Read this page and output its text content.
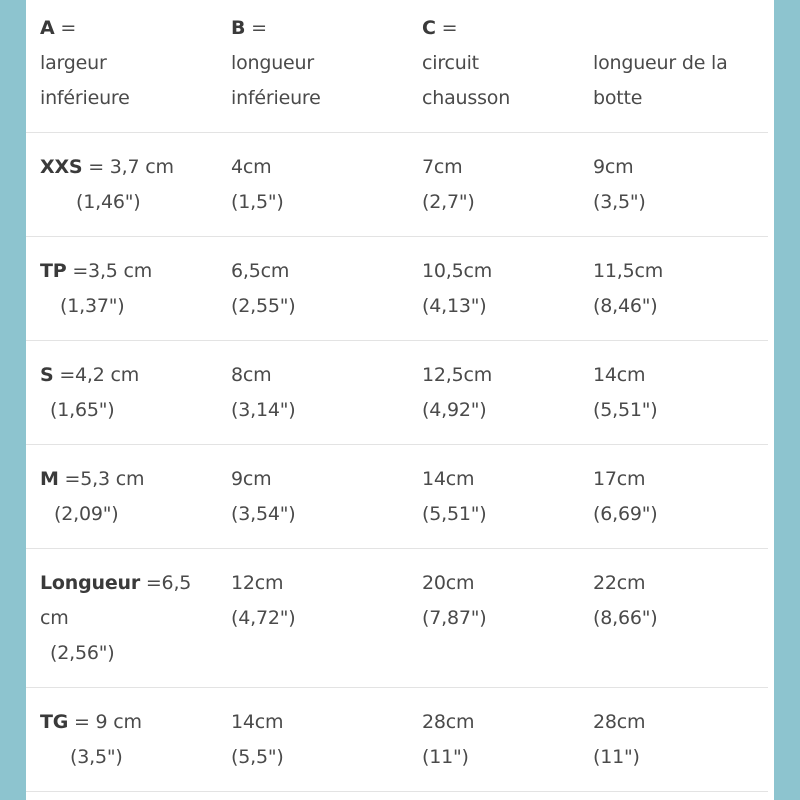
A =
largeur
inférieure
B =
longueur
inférieure
C =
circuit
chausson

longueur de la
botte
XXS = 3,7 cm
(1,46")
4cm
(1,5")
7cm
(2,7")
9cm
(3,5")
TP =3,5 cm
(1,37")
6,5cm
(2,55")
10,5cm
(4,13")
11,5cm
(8,46")
S =4,2 cm
(1,65")
8cm
(3,14")
12,5cm
(4,92")
14cm
(5,51")
M =5,3 cm
(2,09")
9cm
(3,54")
14cm
(5,51")
17cm
(6,69")
Longueur =6,5
cm
(2,56")
12cm
(4,72")
20cm
(7,87")
22cm
(8,66")
TG = 9 cm
(3,5")
14cm
(5,5")
28cm
(11")
28cm
(11")
